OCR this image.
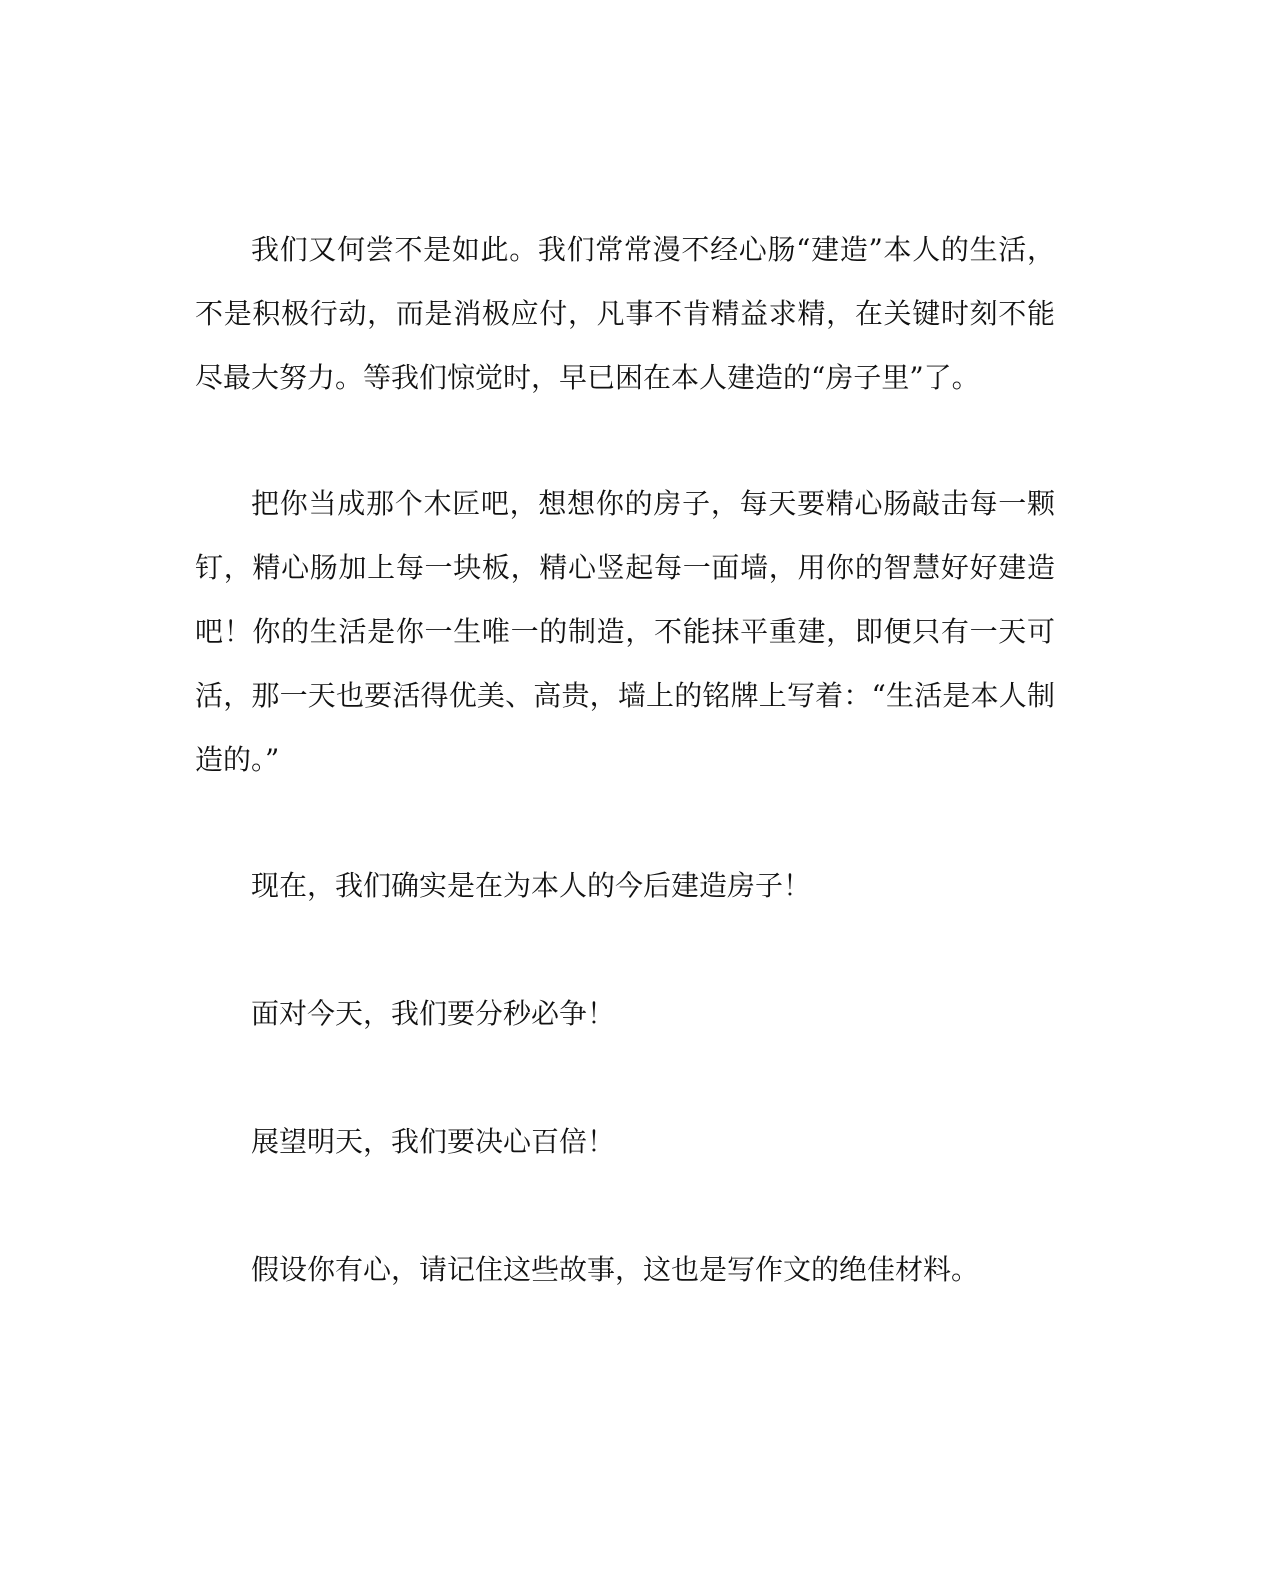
我们又何尝不是如此。我们常常漫不经心肠“建造”本人的生活，不是积极行动，而是消极应付，凡事不肯精益求精，在关键时刻不能尽最大努力。等我们惊觉时，早已困在本人建造的“房子里”了。

把你当成那个木匠吧，想想你的房子，每天要精心肠敲击每一颗钉，精心肠加上每一块板，精心竖起每一面墙，用你的智慧好好建造吧！你的生活是你一生唯一的制造，不能抹平重建，即便只有一天可活，那一天也要活得优美、高贵，墙上的铭牌上写着：“生活是本人制造的。”

现在，我们确实是在为本人的今后建造房子！

面对今天，我们要分秒必争！

展望明天，我们要决心百倍！

假设你有心，请记住这些故事，这也是写作文的绝佳材料。
